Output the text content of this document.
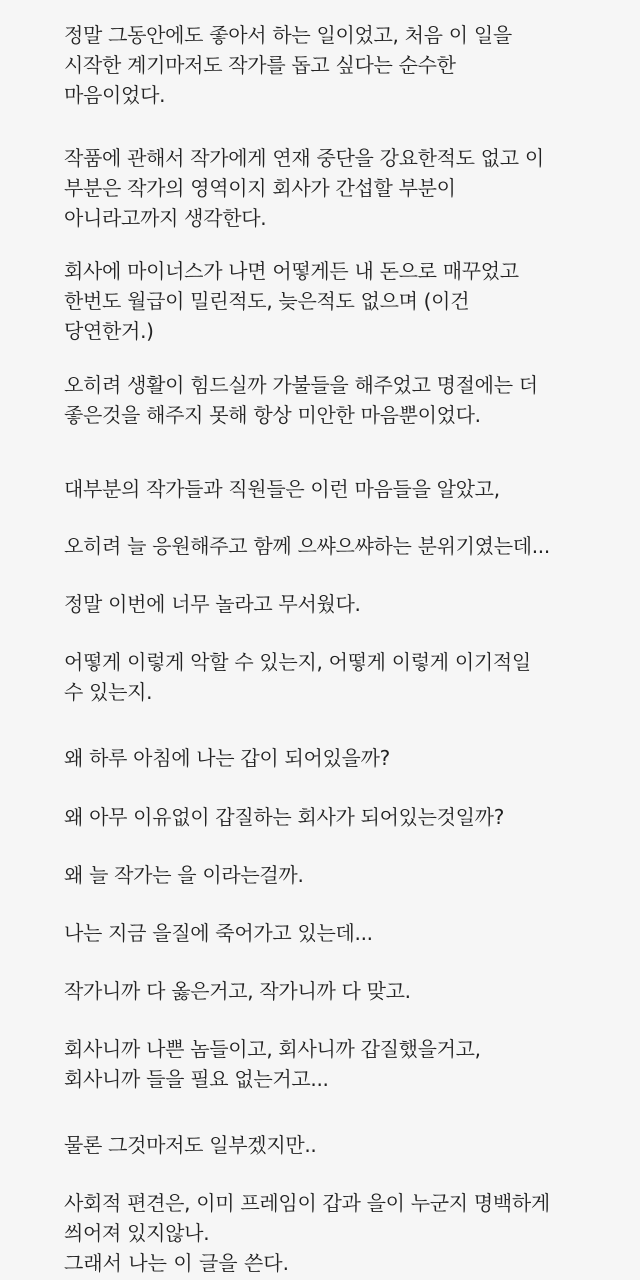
정말 그동안에도 좋아서 하는 일이었고, 처음 이 일을
시작한 계기마저도 작가를 돕고 싶다는 순수한
마음이었다.
작품에 관해서 작가에게 연재 중단을 강요한적도 없고 이
부분은 작가의 영역이지 회사가 간섭할 부분이
아니라고까지 생각한다.
회사에 마이너스가 나면 어떻게든 내 돈으로 매꾸었고
한번도 월급이 밀린적도, 늦은적도 없으며 (이건
당연한거.)
오히려 생활이 힘드실까 가불들을 해주었고 명절에는 더
좋은것을 해주지 못해 항상 미안한 마음뿐이었다.
대부분의 작가들과 직원들은 이런 마음들을 알았고,
오히려 늘 응원해주고 함께 으쌰으쌰하는 분위기였는데...
정말 이번에 너무 놀라고 무서웠다.
어떻게 이렇게 악할 수 있는지, 어떻게 이렇게 이기적일
수 있는지.
왜 하루 아침에 나는 갑이 되어있을까?
왜 아무 이유없이 갑질하는 회사가 되어있는것일까?
왜 늘 작가는 을 이라는걸까.
나는 지금 을질에 죽어가고 있는데...
작가니까 다 옳은거고, 작가니까 다 맞고.
회사니까 나쁜 놈들이고, 회사니까 갑질했을거고,
회사니까 들을 필요 없는거고...
물론 그것마저도 일부겠지만..
사회적 편견은, 이미 프레임이 갑과 을이 누군지 명백하게
씌어져 있지않나.
그래서 나는 이 글을 쓴다.
